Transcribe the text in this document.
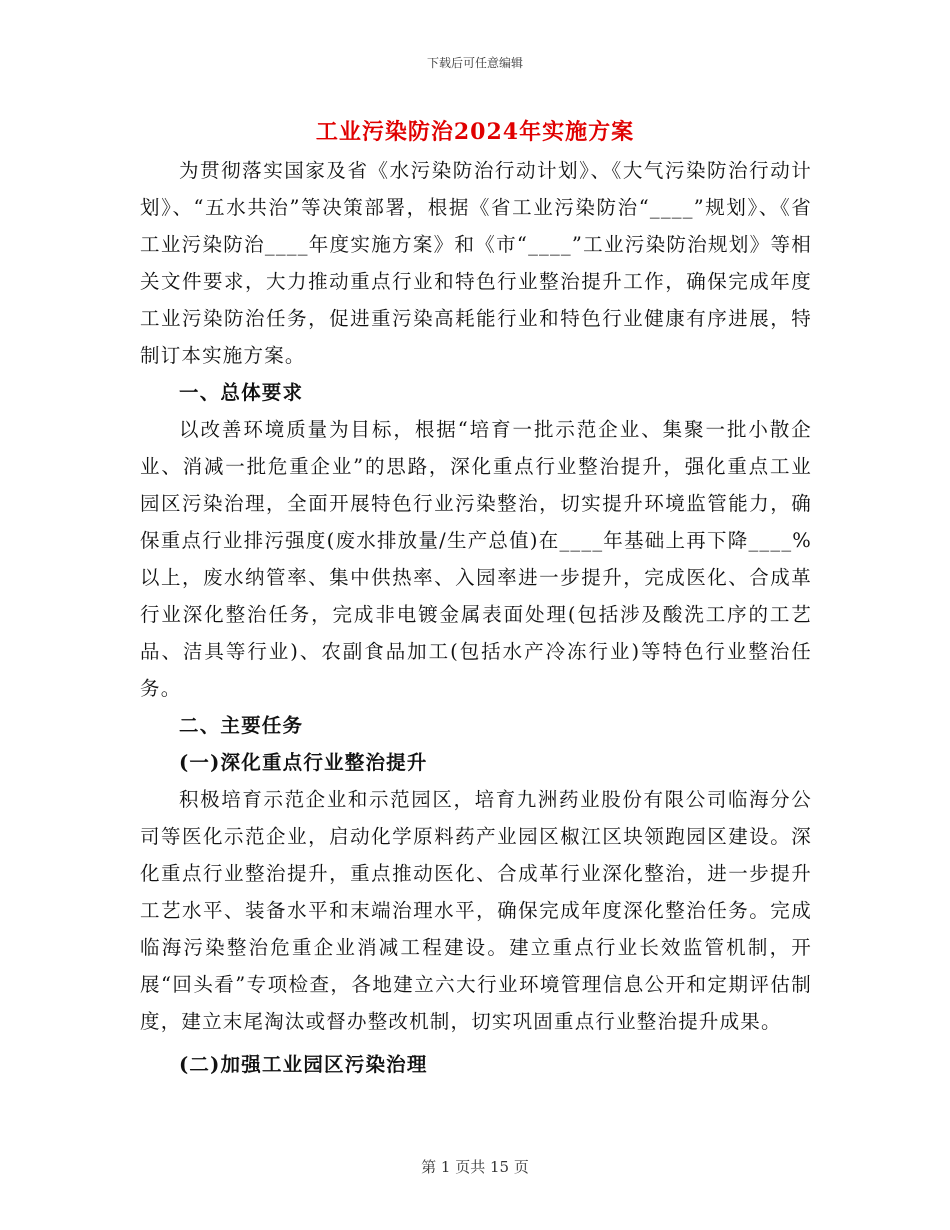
下载后可任意编辑
工业污染防治2024年实施方案

为贯彻落实国家及省《水污染防治行动计划》、《大气污染防治行动计划》、“五水共治”等决策部署，根据《省工业污染防治“____”规划》、《省工业污染防治____年度实施方案》和《市“____”工业污染防治规划》等相关文件要求，大力推动重点行业和特色行业整治提升工作，确保完成年度工业污染防治任务，促进重污染高耗能行业和特色行业健康有序进展，特制订本实施方案。

一、总体要求

以改善环境质量为目标，根据“培育一批示范企业、集聚一批小散企业、消减一批危重企业”的思路，深化重点行业整治提升，强化重点工业园区污染治理，全面开展特色行业污染整治，切实提升环境监管能力，确保重点行业排污强度(废水排放量/生产总值)在____年基础上再下降____%以上，废水纳管率、集中供热率、入园率进一步提升，完成医化、合成革行业深化整治任务，完成非电镀金属表面处理(包括涉及酸洗工序的工艺品、洁具等行业)、农副食品加工(包括水产冷冻行业)等特色行业整治任务。

二、主要任务
(一)深化重点行业整治提升

积极培育示范企业和示范园区，培育九洲药业股份有限公司临海分公司等医化示范企业，启动化学原料药产业园区椒江区块领跑园区建设。深化重点行业整治提升，重点推动医化、合成革行业深化整治，进一步提升工艺水平、装备水平和末端治理水平，确保完成年度深化整治任务。完成临海污染整治危重企业消减工程建设。建立重点行业长效监管机制，开展“回头看”专项检查，各地建立六大行业环境管理信息公开和定期评估制度，建立末尾淘汰或督办整改机制，切实巩固重点行业整治提升成果。

(二)加强工业园区污染治理
第 1 页共 15 页
